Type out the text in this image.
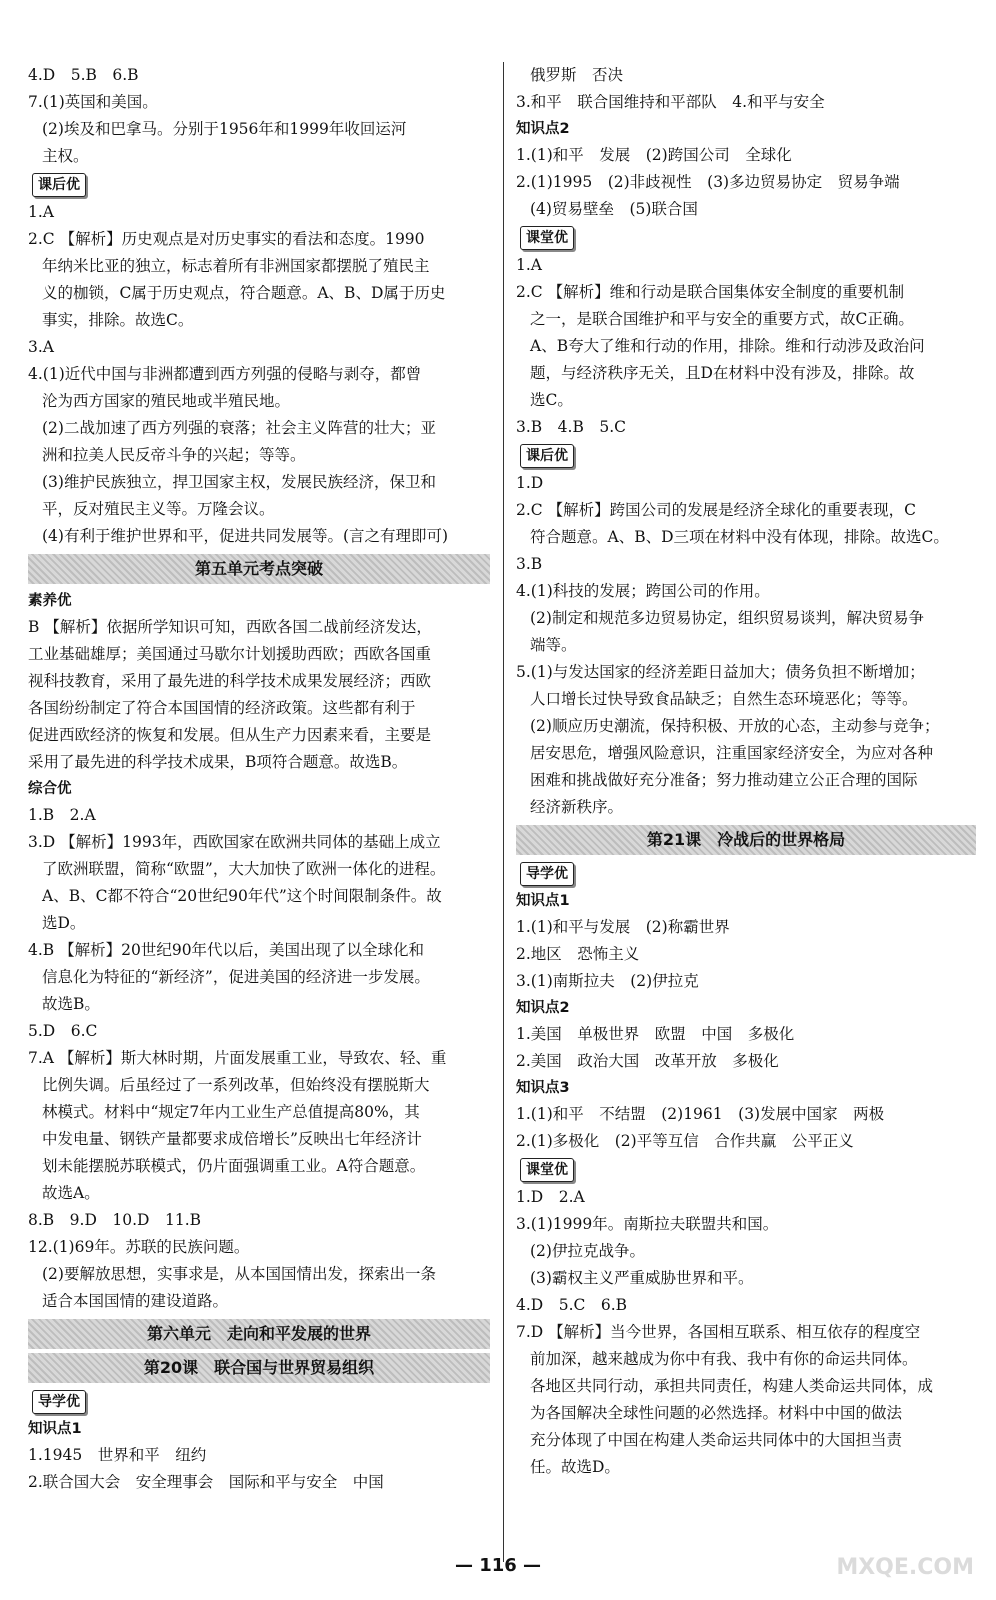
4.D　5.B　6.B
7.(1)英国和美国。
(2)埃及和巴拿马。分别于1956年和1999年收回运河
主权。
课后优
1.A
2.C 【解析】历史观点是对历史事实的看法和态度。1990
年纳米比亚的独立，标志着所有非洲国家都摆脱了殖民主
义的枷锁，C属于历史观点，符合题意。A、B、D属于历史
事实，排除。故选C。
3.A
4.(1)近代中国与非洲都遭到西方列强的侵略与剥夺，都曾
沦为西方国家的殖民地或半殖民地。
(2)二战加速了西方列强的衰落；社会主义阵营的壮大；亚
洲和拉美人民反帝斗争的兴起；等等。
(3)维护民族独立，捍卫国家主权，发展民族经济，保卫和
平，反对殖民主义等。万隆会议。
(4)有利于维护世界和平，促进共同发展等。(言之有理即可)
第五单元考点突破
素养优
B 【解析】依据所学知识可知，西欧各国二战前经济发达，
工业基础雄厚；美国通过马歇尔计划援助西欧；西欧各国重
视科技教育，采用了最先进的科学技术成果发展经济；西欧
各国纷纷制定了符合本国国情的经济政策。这些都有利于
促进西欧经济的恢复和发展。但从生产力因素来看，主要是
采用了最先进的科学技术成果，B项符合题意。故选B。
综合优
1.B　2.A
3.D 【解析】1993年，西欧国家在欧洲共同体的基础上成立
了欧洲联盟，简称“欧盟”，大大加快了欧洲一体化的进程。
A、B、C都不符合“20世纪90年代”这个时间限制条件。故
选D。
4.B 【解析】20世纪90年代以后，美国出现了以全球化和
信息化为特征的“新经济”，促进美国的经济进一步发展。
故选B。
5.D　6.C
7.A 【解析】斯大林时期，片面发展重工业，导致农、轻、重
比例失调。后虽经过了一系列改革，但始终没有摆脱斯大
林模式。材料中“规定7年内工业生产总值提高80%，其
中发电量、钢铁产量都要求成倍增长”反映出七年经济计
划未能摆脱苏联模式，仍片面强调重工业。A符合题意。
故选A。
8.B　9.D　10.D　11.B
12.(1)69年。苏联的民族问题。
(2)要解放思想，实事求是，从本国国情出发，探索出一条
适合本国国情的建设道路。
第六单元　走向和平发展的世界
第20课　联合国与世界贸易组织
导学优
知识点1
1.1945　世界和平　纽约
2.联合国大会　安全理事会　国际和平与安全　中国
俄罗斯　否决
3.和平　联合国维持和平部队　4.和平与安全
知识点2
1.(1)和平　发展　(2)跨国公司　全球化
2.(1)1995　(2)非歧视性　(3)多边贸易协定　贸易争端
(4)贸易壁垒　(5)联合国
课堂优
1.A
2.C 【解析】维和行动是联合国集体安全制度的重要机制
之一，是联合国维护和平与安全的重要方式，故C正确。
A、B夸大了维和行动的作用，排除。维和行动涉及政治问
题，与经济秩序无关，且D在材料中没有涉及，排除。故
选C。
3.B　4.B　5.C
课后优
1.D
2.C 【解析】跨国公司的发展是经济全球化的重要表现，C
符合题意。A、B、D三项在材料中没有体现，排除。故选C。
3.B
4.(1)科技的发展；跨国公司的作用。
(2)制定和规范多边贸易协定，组织贸易谈判，解决贸易争
端等。
5.(1)与发达国家的经济差距日益加大；债务负担不断增加；
人口增长过快导致食品缺乏；自然生态环境恶化；等等。
(2)顺应历史潮流，保持积极、开放的心态，主动参与竞争；
居安思危，增强风险意识，注重国家经济安全，为应对各种
困难和挑战做好充分准备；努力推动建立公正合理的国际
经济新秩序。
第21课　冷战后的世界格局
导学优
知识点1
1.(1)和平与发展　(2)称霸世界
2.地区　恐怖主义
3.(1)南斯拉夫　(2)伊拉克
知识点2
1.美国　单极世界　欧盟　中国　多极化
2.美国　政治大国　改革开放　多极化
知识点3
1.(1)和平　不结盟　(2)1961　(3)发展中国家　两极
2.(1)多极化　(2)平等互信　合作共赢　公平正义
课堂优
1.D　2.A
3.(1)1999年。南斯拉夫联盟共和国。
(2)伊拉克战争。
(3)霸权主义严重威胁世界和平。
4.D　5.C　6.B
7.D 【解析】当今世界，各国相互联系、相互依存的程度空
前加深，越来越成为你中有我、我中有你的命运共同体。
各地区共同行动，承担共同责任，构建人类命运共同体，成
为各国解决全球性问题的必然选择。材料中中国的做法
充分体现了中国在构建人类命运共同体中的大国担当责
任。故选D。
— 116 —	MXQE.COM
